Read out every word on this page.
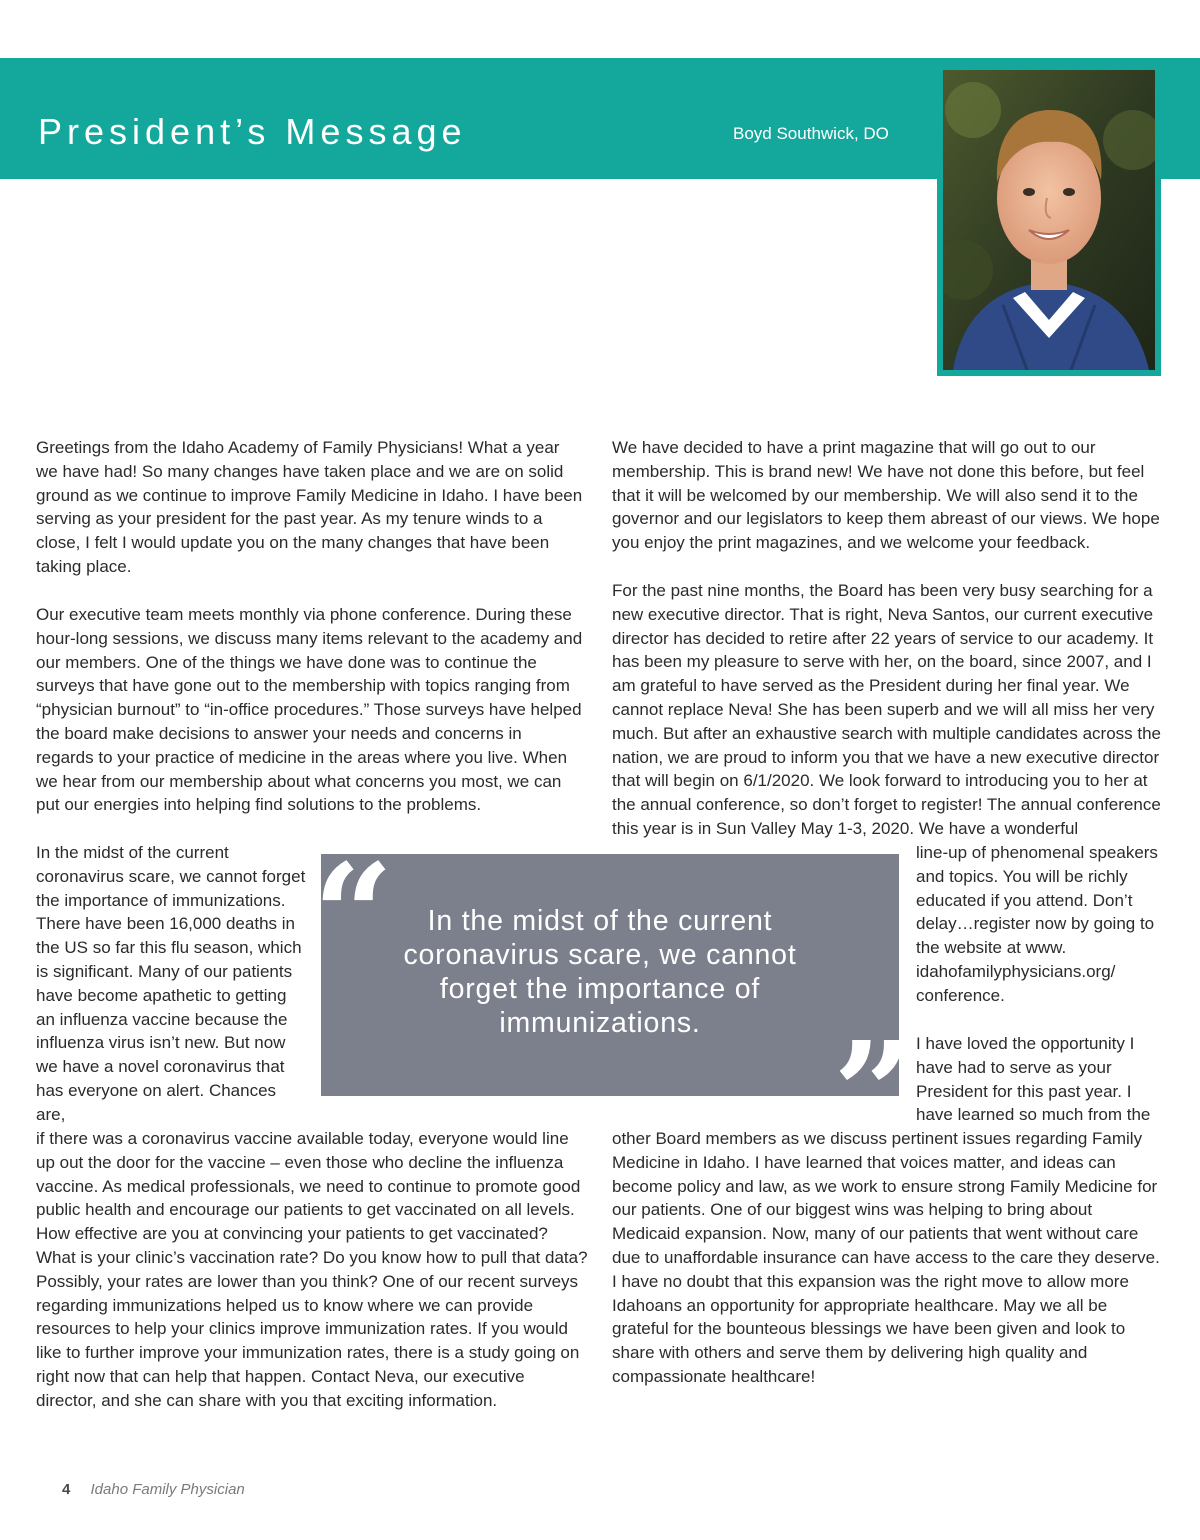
President’s Message	Boyd Southwick, DO

Greetings from the Idaho Academy of Family Physicians! What a year we have had! So many changes have taken place and we are on solid ground as we continue to improve Family Medicine in Idaho. I have been serving as your president for the past year. As my tenure winds to a close, I felt I would update you on the many changes that have been taking place.

Our executive team meets monthly via phone conference. During these hour-long sessions, we discuss many items relevant to the academy and our members. One of the things we have done was to continue the surveys that have gone out to the membership with topics ranging from “physician burnout” to “in-office procedures.” Those surveys have helped the board make decisions to answer your needs and concerns in regards to your practice of medicine in the areas where you live. When we hear from our membership about what concerns you most, we can put our energies into helping find solutions to the problems.

In the midst of the current coronavirus scare, we cannot forget the importance of immunizations. There have been 16,000 deaths in the US so far this flu season, which is significant. Many of our patients have become apathetic to getting an influenza vaccine because the influenza virus isn’t new. But now we have a novel coronavirus that has everyone on alert. Chances are,

if there was a coronavirus vaccine available today, everyone would line up out the door for the vaccine – even those who decline the influenza vaccine. As medical professionals, we need to continue to promote good public health and encourage our patients to get vaccinated on all levels. How effective are you at convincing your patients to get vaccinated? What is your clinic’s vaccination rate? Do you know how to pull that data? Possibly, your rates are lower than you think? One of our recent surveys regarding immunizations helped us to know where we can provide resources to help your clinics improve immunization rates. If you would like to further improve your immunization rates, there is a study going on right now that can help that happen. Contact Neva, our executive director, and she can share with you that exciting information.

We have decided to have a print magazine that will go out to our membership. This is brand new! We have not done this before, but feel that it will be welcomed by our membership. We will also send it to the governor and our legislators to keep them abreast of our views. We hope you enjoy the print magazines, and we welcome your feedback.

For the past nine months, the Board has been very busy searching for a new executive director. That is right, Neva Santos, our current executive director has decided to retire after 22 years of service to our academy. It has been my pleasure to serve with her, on the board, since 2007, and I am grateful to have served as the President during her final year. We cannot replace Neva! She has been superb and we will all miss her very much. But after an exhaustive search with multiple candidates across the nation, we are proud to inform you that we have a new executive director that will begin on 6/1/2020. We look forward to introducing you to her at the annual conference, so don’t forget to register! The annual conference this year is in Sun Valley May 1-3, 2020. We have a wonderful

line-up of phenomenal speakers and topics. You will be richly educated if you attend. Don’t delay…register now by going to the website at www. idahofamilyphysicians.org/ conference.

I have loved the opportunity I have had to serve as your President for this past year. I have learned so much from the

other Board members as we discuss pertinent issues regarding Family Medicine in Idaho. I have learned that voices matter, and ideas can become policy and law, as we work to ensure strong Family Medicine for our patients. One of our biggest wins was helping to bring about Medicaid expansion. Now, many of our patients that went without care due to unaffordable insurance can have access to the care they deserve. I have no doubt that this expansion was the right move to allow more Idahoans an opportunity for appropriate healthcare. May we all be grateful for the bounteous blessings we have been given and look to share with others and serve them by delivering high quality and compassionate healthcare!

“	In the midst of the current coronavirus scare, we cannot forget the importance of immunizations. ”
4 Idaho Family Physician
